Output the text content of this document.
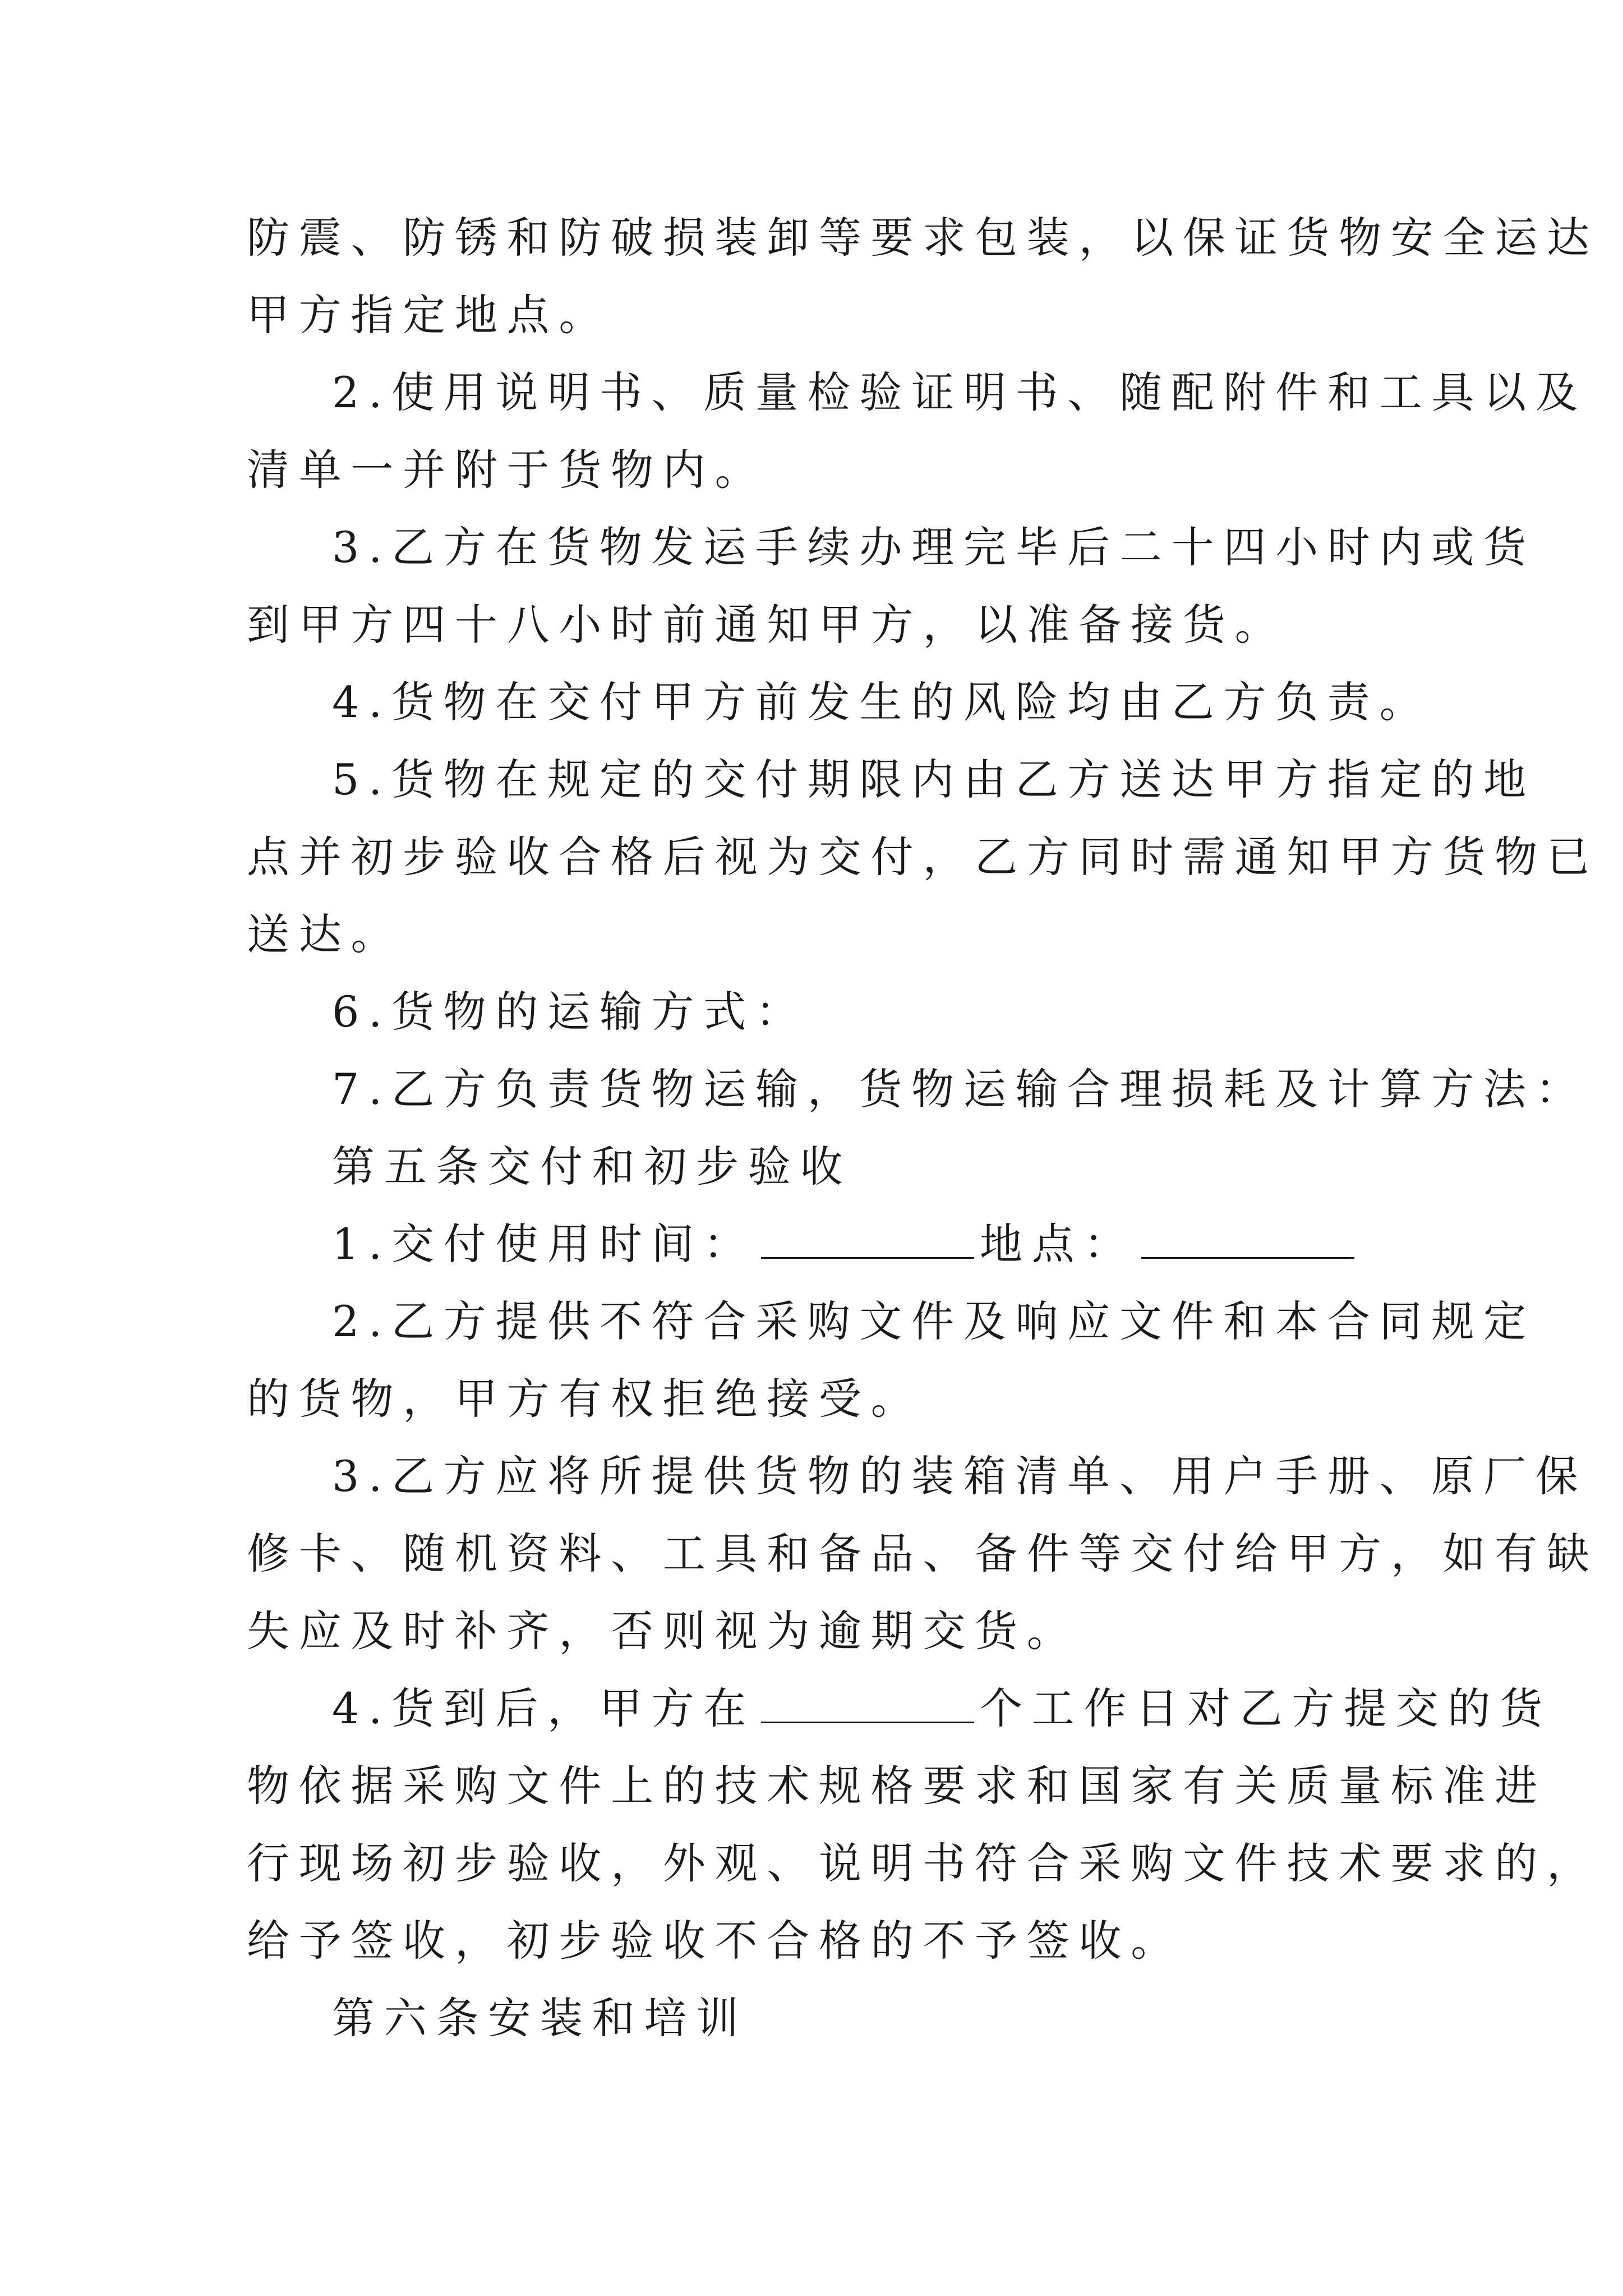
防震、防锈和防破损装卸等要求包装，以保证货物安全运达
甲方指定地点。
2.使用说明书、质量检验证明书、随配附件和工具以及
清单一并附于货物内。
3.乙方在货物发运手续办理完毕后二十四小时内或货
到甲方四十八小时前通知甲方，以准备接货。
4.货物在交付甲方前发生的风险均由乙方负责。
5.货物在规定的交付期限内由乙方送达甲方指定的地
点并初步验收合格后视为交付，乙方同时需通知甲方货物已
送达。
6.货物的运输方式：
7.乙方负责货物运输，货物运输合理损耗及计算方法：
第五条交付和初步验收
1.交付使用时间：	地点：
2.乙方提供不符合采购文件及响应文件和本合同规定
的货物，甲方有权拒绝接受。
3.乙方应将所提供货物的装箱清单、用户手册、原厂保
修卡、随机资料、工具和备品、备件等交付给甲方，如有缺
失应及时补齐，否则视为逾期交货。
4.货到后，甲方在	个工作日对乙方提交的货
物依据采购文件上的技术规格要求和国家有关质量标准进
行现场初步验收，外观、说明书符合采购文件技术要求的，
给予签收，初步验收不合格的不予签收。
第六条安装和培训
